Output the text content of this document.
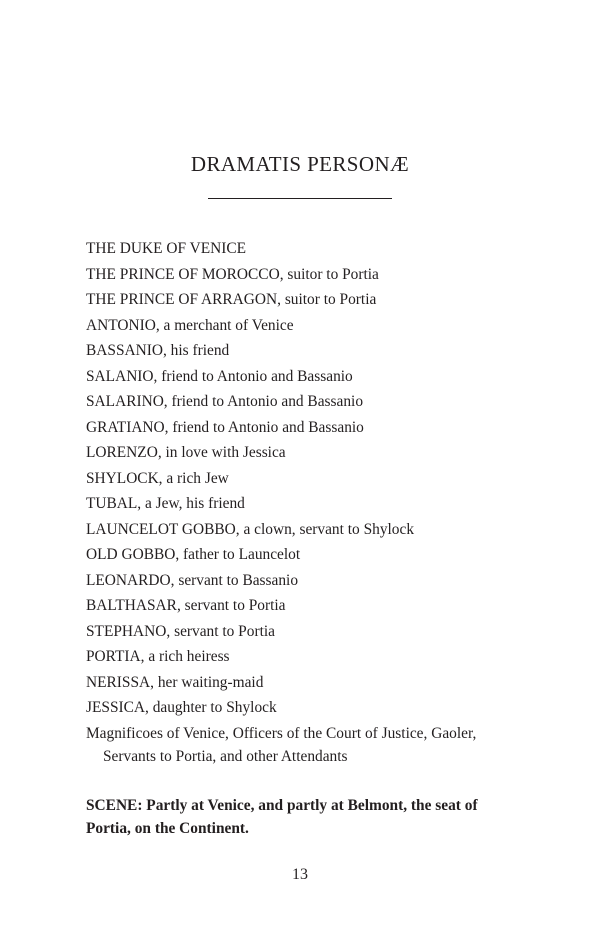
DRAMATIS PERSONÆ
THE DUKE OF VENICE
THE PRINCE OF MOROCCO, suitor to Portia
THE PRINCE OF ARRAGON, suitor to Portia
ANTONIO, a merchant of Venice
BASSANIO, his friend
SALANIO, friend to Antonio and Bassanio
SALARINO, friend to Antonio and Bassanio
GRATIANO, friend to Antonio and Bassanio
LORENZO, in love with Jessica
SHYLOCK, a rich Jew
TUBAL, a Jew, his friend
LAUNCELOT GOBBO, a clown, servant to Shylock
OLD GOBBO, father to Launcelot
LEONARDO, servant to Bassanio
BALTHASAR, servant to Portia
STEPHANO, servant to Portia
PORTIA, a rich heiress
NERISSA, her waiting-maid
JESSICA, daughter to Shylock
Magnificoes of Venice, Officers of the Court of Justice, Gaoler, Servants to Portia, and other Attendants

SCENE: Partly at Venice, and partly at Belmont, the seat of Portia, on the Continent.

13
